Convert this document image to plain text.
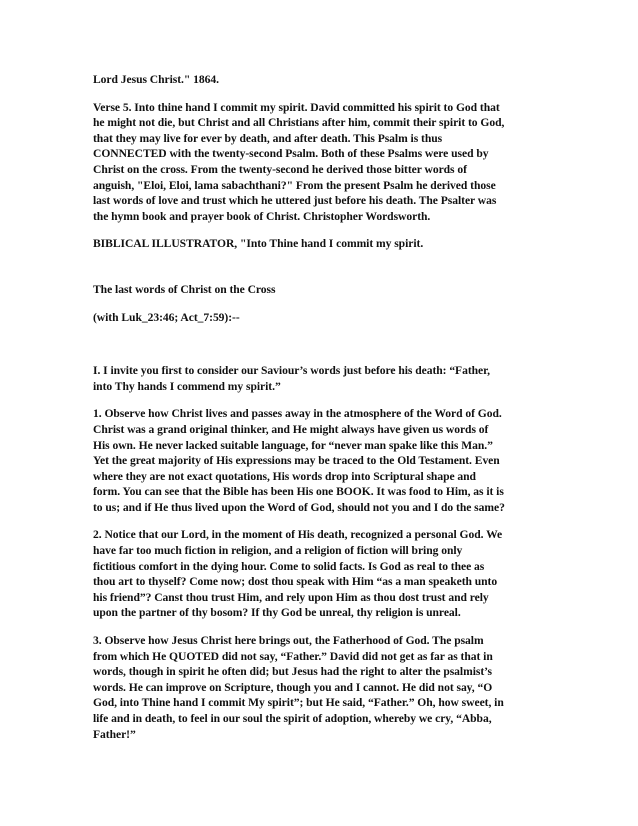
Lord Jesus Christ." 1864.

Verse 5. Into thine hand I commit my spirit. David committed his spirit to God that
he might not die, but Christ and all Christians after him, commit their spirit to God,
that they may live for ever by death, and after death. This Psalm is thus
CONNECTED with the twenty-second Psalm. Both of these Psalms were used by
Christ on the cross. From the twenty-second he derived those bitter words of
anguish, "Eloi, Eloi, lama sabachthani?" From the present Psalm he derived those
last words of love and trust which he uttered just before his death. The Psalter was
the hymn book and prayer book of Christ. Christopher Wordsworth.

BIBLICAL ILLUSTRATOR, "Into Thine hand I commit my spirit.

The last words of Christ on the Cross

(with Luk_23:46; Act_7:59):--

I. I invite you first to consider our Saviour’s words just before his death: “Father,
into Thy hands I commend my spirit.”

1. Observe how Christ lives and passes away in the atmosphere of the Word of God.
Christ was a grand original thinker, and He might always have given us words of
His own. He never lacked suitable language, for “never man spake like this Man.”
Yet the great majority of His expressions may be traced to the Old Testament. Even
where they are not exact quotations, His words drop into Scriptural shape and
form. You can see that the Bible has been His one BOOK. It was food to Him, as it is
to us; and if He thus lived upon the Word of God, should not you and I do the same?

2. Notice that our Lord, in the moment of His death, recognized a personal God. We
have far too much fiction in religion, and a religion of fiction will bring only
fictitious comfort in the dying hour. Come to solid facts. Is God as real to thee as
thou art to thyself? Come now; dost thou speak with Him “as a man speaketh unto
his friend”? Canst thou trust Him, and rely upon Him as thou dost trust and rely
upon the partner of thy bosom? If thy God be unreal, thy religion is unreal.

3. Observe how Jesus Christ here brings out, the Fatherhood of God. The psalm
from which He QUOTED did not say, “Father.” David did not get as far as that in
words, though in spirit he often did; but Jesus had the right to alter the psalmist’s
words. He can improve on Scripture, though you and I cannot. He did not say, “O
God, into Thine hand I commit My spirit”; but He said, “Father.” Oh, how sweet, in
life and in death, to feel in our soul the spirit of adoption, whereby we cry, “Abba,
Father!”
